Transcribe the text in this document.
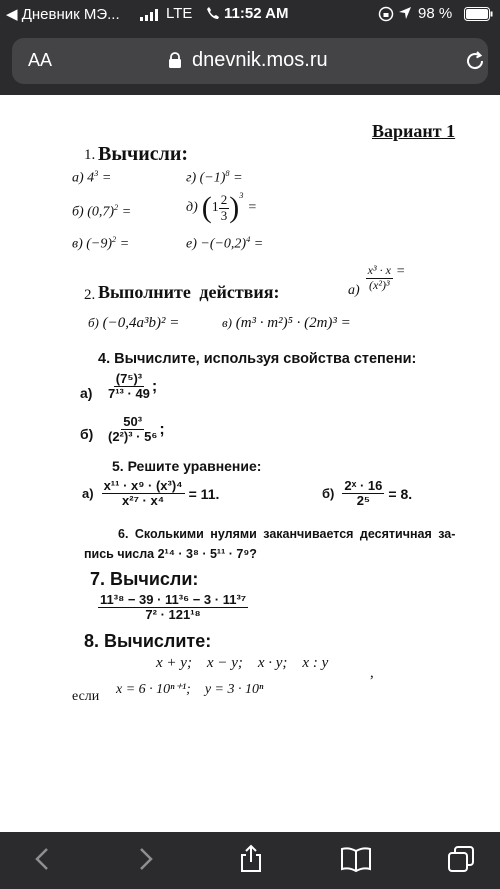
◀ Дневник МЭ...	LTE 11:52 AM	98 %
AA	dnevnik.mos.ru
Вариант 1
1. Вычисли:
а) $4^3$ =	г) $(-1)^8$ =
б) $(0,7)^2$ =	д) ( $1 \frac{2}{3} )^3$
=
в) $(-9)^2$ =	$е) -(-0,2)^4$ =
$а) \frac{\text{x³ · x}}{\text{(x²)³}}$ =
2. Выполните действия:
б) (−0,4a³b)² =	в) (m³ · m²)⁵ · (2m)³ =
4. Вычислите, используя свойства степени:
$а) \frac{\text{(7⁵)³}}{\text{7¹³ · 49}}$ ;
$б) \frac{\text{50³}}{\text{(2²)³ · 5⁶}}$ ;
5. Решите уравнение:
$а) \frac{\text{x¹¹ · x⁹ · (x³)⁴}}{\text{x²⁷ · x⁴}} = 11$.	$б) \frac{\text{2ˣ · 16}}{\text{2⁵}} = 8$.
6. Сколькими нулями заканчивается десятичная за-
пись числа 2¹⁴ · 3⁸ · 5¹¹ · 7⁹?
7. Вычисли:
$\frac{\text{11³⁸ − 39 · 11³⁶ − 3 · 11³⁷}}{\text{7² · 121¹⁸}}$
8. Вычислите:
x + y;    x − y;    x · y;    x : y
,
если x = 6 · 10ⁿ⁺¹;    y = 3 · 10ⁿ
